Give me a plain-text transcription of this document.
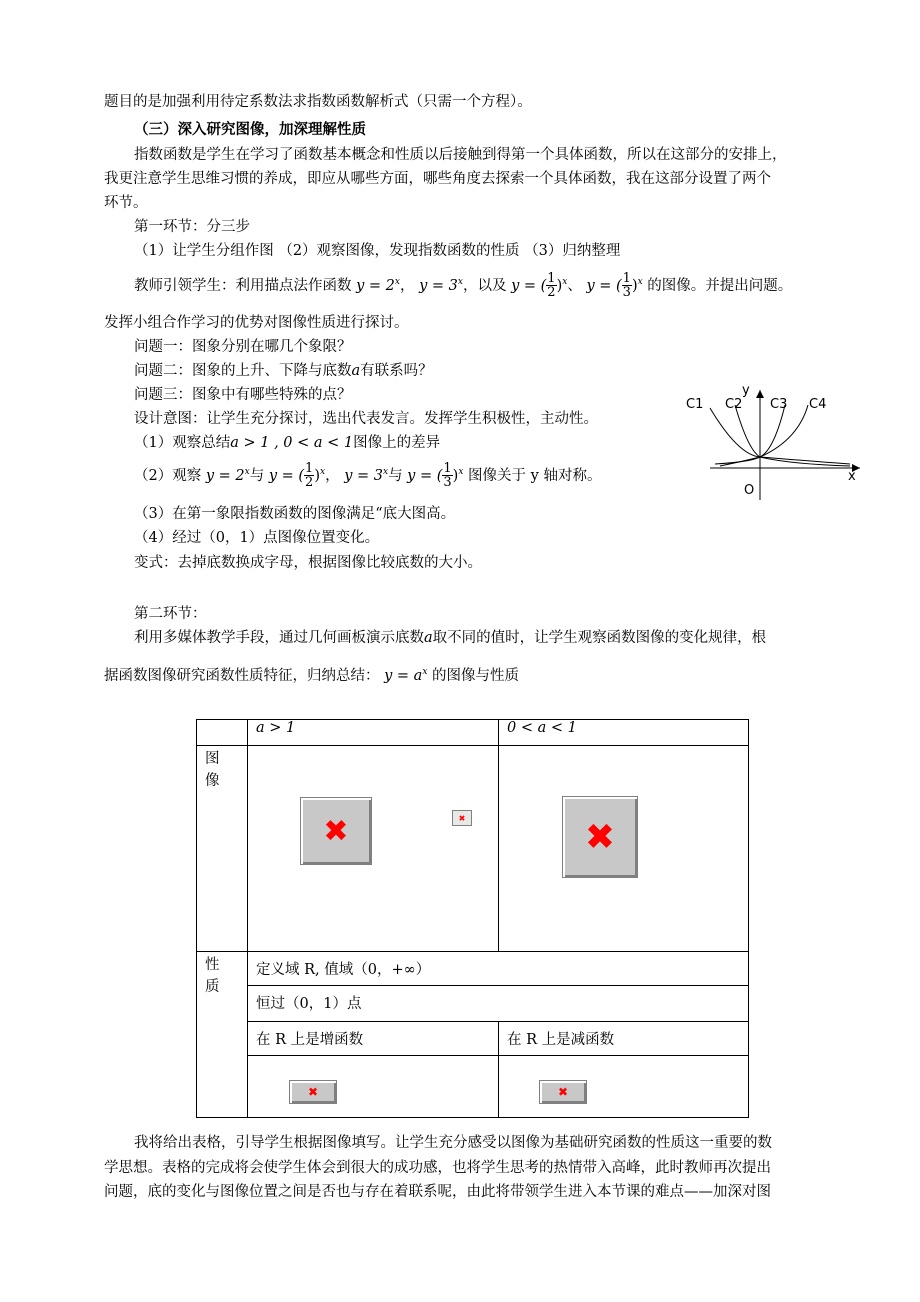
题目的是加强利用待定系数法求指数函数解析式（只需一个方程）。
（三）深入研究图像，加深理解性质
指数函数是学生在学习了函数基本概念和性质以后接触到得第一个具体函数，所以在这部分的安排上，
我更注意学生思维习惯的养成，即应从哪些方面，哪些角度去探索一个具体函数，我在这部分设置了两个
环节。
第一环节：分三步
（1）让学生分组作图 （2）观察图像，发现指数函数的性质 （3）归纳整理
教师引领学生：利用描点法作函数 $y = 2^x$， $y = 3^x$，以及 y = ( $\frac{1}{2} )^x$、 y = ( $\frac{1}{3} )^x$ 的图像。并提出问题。
发挥小组合作学习的优势对图像性质进行探讨。
问题一：图象分别在哪几个象限？
问题二：图象的上升、下降与底数a有联系吗？
问题三：图象中有哪些特殊的点？
设计意图：让学生充分探讨，选出代表发言。发挥学生积极性，主动性。
（1）观察总结a > 1 , 0 < a < 1图像上的差异
（2）观察 $y = 2^x$与 y = ( $\frac{1}{2} )^x$， $y = 3^x$与 y = ( $\frac{1}{3} )^x$ 图像关于 y 轴对称。
（3）在第一象限指数函数的图像满足“底大图高。
（4）经过（0，1）点图像位置变化。
变式：去掉底数换成字母，根据图像比较底数的大小。
第二环节：
利用多媒体教学手段，通过几何画板演示底数a取不同的值时，让学生观察函数图像的变化规律，根
据函数图像研究函数性质特征，归纳总结： $y = a^x$ 的图像与性质
C1 C2 C3 C4
y
x
O
	a > 1	0 < a < 1
图
像		
性
质	定义域 R, 值域（0，+∞）	
	恒过（0，1）点	
	在 R 上是增函数	在 R 上是减函数

✖	✖	✖
✖	✖
我将给出表格，引导学生根据图像填写。让学生充分感受以图像为基础研究函数的性质这一重要的数
学思想。表格的完成将会使学生体会到很大的成功感，也将学生思考的热情带入高峰，此时教师再次提出
问题，底的变化与图像位置之间是否也与存在着联系呢，由此将带领学生进入本节课的难点——加深对图
